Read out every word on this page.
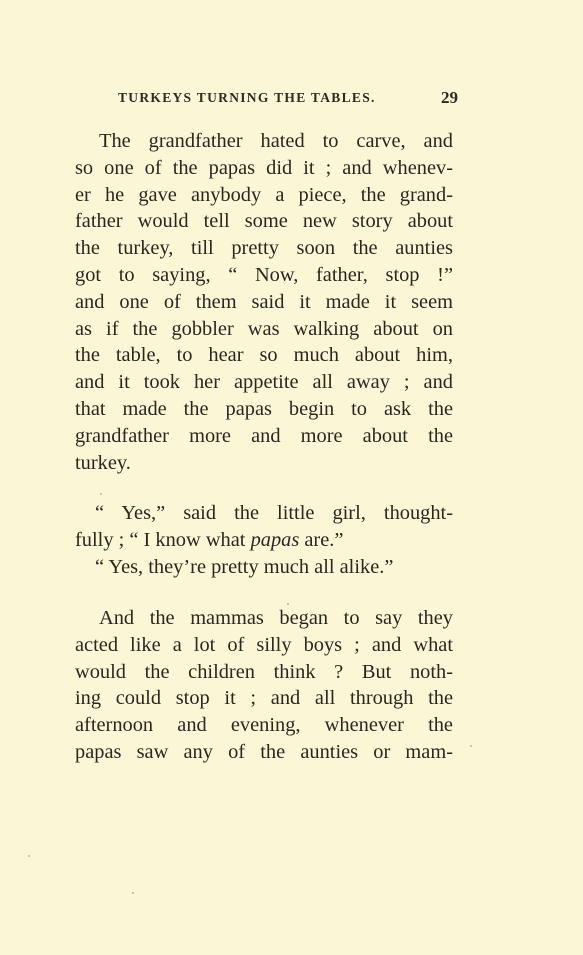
TURKEYS TURNING THE TABLES.	29
The grandfather hated to carve, and
so one of the papas did it ; and whenev-
er he gave anybody a piece, the grand-
father would tell some new story about
the turkey, till pretty soon the aunties
got to saying, “ Now, father, stop !”
and one of them said it made it seem
as if the gobbler was walking about on
the table, to hear so much about him,
and it took her appetite all away ; and
that made the papas begin to ask the
grandfather more and more about the
turkey.
“ Yes,” said the little girl, thought-
fully ; “ I know what papas are.”
“ Yes, they’re pretty much all alike.”
And the mammas began to say they
acted like a lot of silly boys ; and what
would the children think ? But noth-
ing could stop it ; and all through the
afternoon and evening, whenever the
papas saw any of the aunties or mam-
